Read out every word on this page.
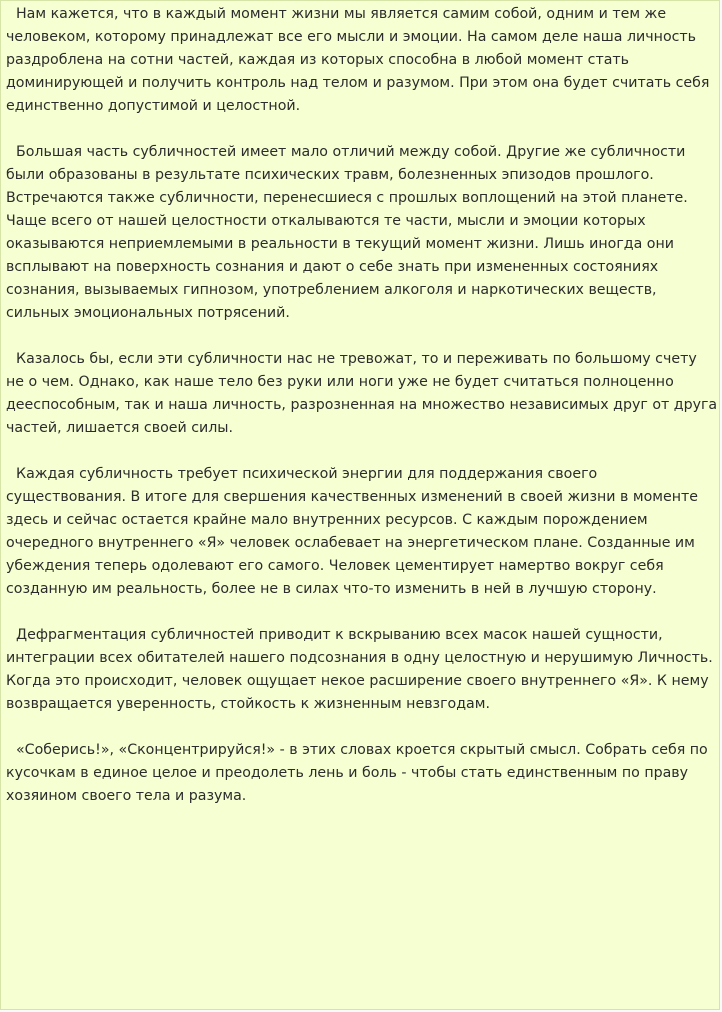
Нам кажется, что в каждый момент жизни мы является самим собой, одним и тем же человеком, которому принадлежат все его мысли и эмоции. На самом деле наша личность раздроблена на сотни частей, каждая из которых способна в любой момент стать доминирующей и получить контроль над телом и разумом. При этом она будет считать себя единственно допустимой и целостной.

Большая часть субличностей имеет мало отличий между собой. Другие же субличности были образованы в результате психических травм, болезненных эпизодов прошлого. Встречаются также субличности, перенесшиеся с прошлых воплощений на этой планете. Чаще всего от нашей целостности откалываются те части, мысли и эмоции которых оказываются неприемлемыми в реальности в текущий момент жизни. Лишь иногда они всплывают на поверхность сознания и дают о себе знать при измененных состояниях сознания, вызываемых гипнозом, употреблением алкоголя и наркотических веществ, сильных эмоциональных потрясений.

Казалось бы, если эти субличности нас не тревожат, то и переживать по большому счету не о чем. Однако, как наше тело без руки или ноги уже не будет считаться полноценно дееспособным, так и наша личность, разрозненная на множество независимых друг от друга частей, лишается своей силы.

Каждая субличность требует психической энергии для поддержания своего существования. В итоге для свершения качественных изменений в своей жизни в моменте здесь и сейчас остается крайне мало внутренних ресурсов. С каждым порождением очередного внутреннего «Я» человек ослабевает на энергетическом плане. Созданные им убеждения теперь одолевают его самого. Человек цементирует намертво вокруг себя созданную им реальность, более не в силах что-то изменить в ней в лучшую сторону.

Дефрагментация субличностей приводит к вскрыванию всех масок нашей сущности, интеграции всех обитателей нашего подсознания в одну целостную и нерушимую Личность. Когда это происходит, человек ощущает некое расширение своего внутреннего «Я». К нему возвращается уверенность, стойкость к жизненным невзгодам.

«Соберись!», «Сконцентрируйся!» - в этих словах кроется скрытый смысл. Собрать себя по кусочкам в единое целое и преодолеть лень и боль - чтобы стать единственным по праву хозяином своего тела и разума.
